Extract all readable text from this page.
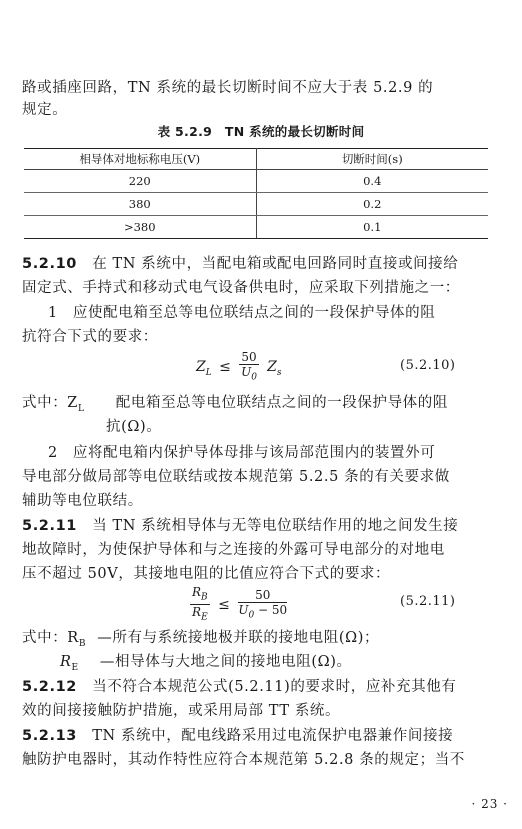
路或插座回路，TN 系统的最长切断时间不应大于表 5.2.9 的
规定。
表 5.2.9　TN 系统的最长切断时间
相导体对地标称电压(V)	切断时间(s)
220	0.4
380	0.2
>380	0.1
5.2.10 在 TN 系统中，当配电箱或配电回路同时直接或间接给
固定式、手持式和移动式电气设备供电时，应采取下列措施之一：
1　应使配电箱至总等电位联结点之间的一段保护导体的阻
抗符合下式的要求：
$Z_L \le \frac{50}{U_0} Z_s$	(5.2.10)
式中：$Z_L$ 配电箱至总等电位联结点之间的一段保护导体的阻
抗(Ω)。
2　应将配电箱内保护导体母排与该局部范围内的装置外可
导电部分做局部等电位联结或按本规范第 5.2.5 条的有关要求做
辅助等电位联结。
5.2.11 当 TN 系统相导体与无等电位联结作用的地之间发生接
地故障时，为使保护导体和与之连接的外露可导电部分的对地电
压不超过 50V，其接地电阻的比值应符合下式的要求：
$\frac{R_B}{R_E} \le \frac{50}{U_0 - 50}$	(5.2.11)
式中：$R_B$ —所有与系统接地极并联的接地电阻(Ω)；
$R_E$ —相导体与大地之间的接地电阻(Ω)。
5.2.12 当不符合本规范公式(5.2.11)的要求时，应补充其他有
效的间接接触防护措施，或采用局部 TT 系统。
5.2.13 TN 系统中，配电线路采用过电流保护电器兼作间接接
触防护电器时，其动作特性应符合本规范第 5.2.8 条的规定；当不
· 23 ·
